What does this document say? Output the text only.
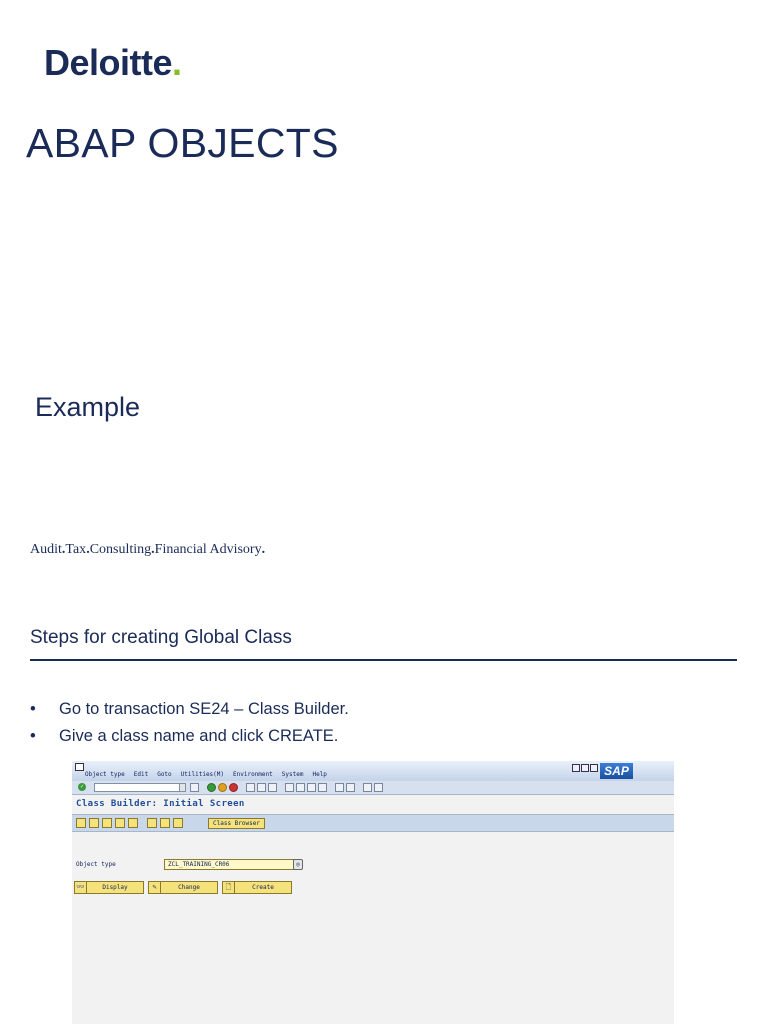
Deloitte.
ABAP OBJECTS
Example
Audit.Tax.Consulting.Financial Advisory.
Steps for creating Global Class
• Go to transaction SE24 – Class Builder.
• Give a class name and click CREATE.
Object type Edit Goto Utilities(M) Environment System Help	SAP
✓
Class Builder: Initial Screen
Class Browser
Object type	ZCL_TRAINING_CR06	◎
👓	Display	✎	Change	🗋	Create
